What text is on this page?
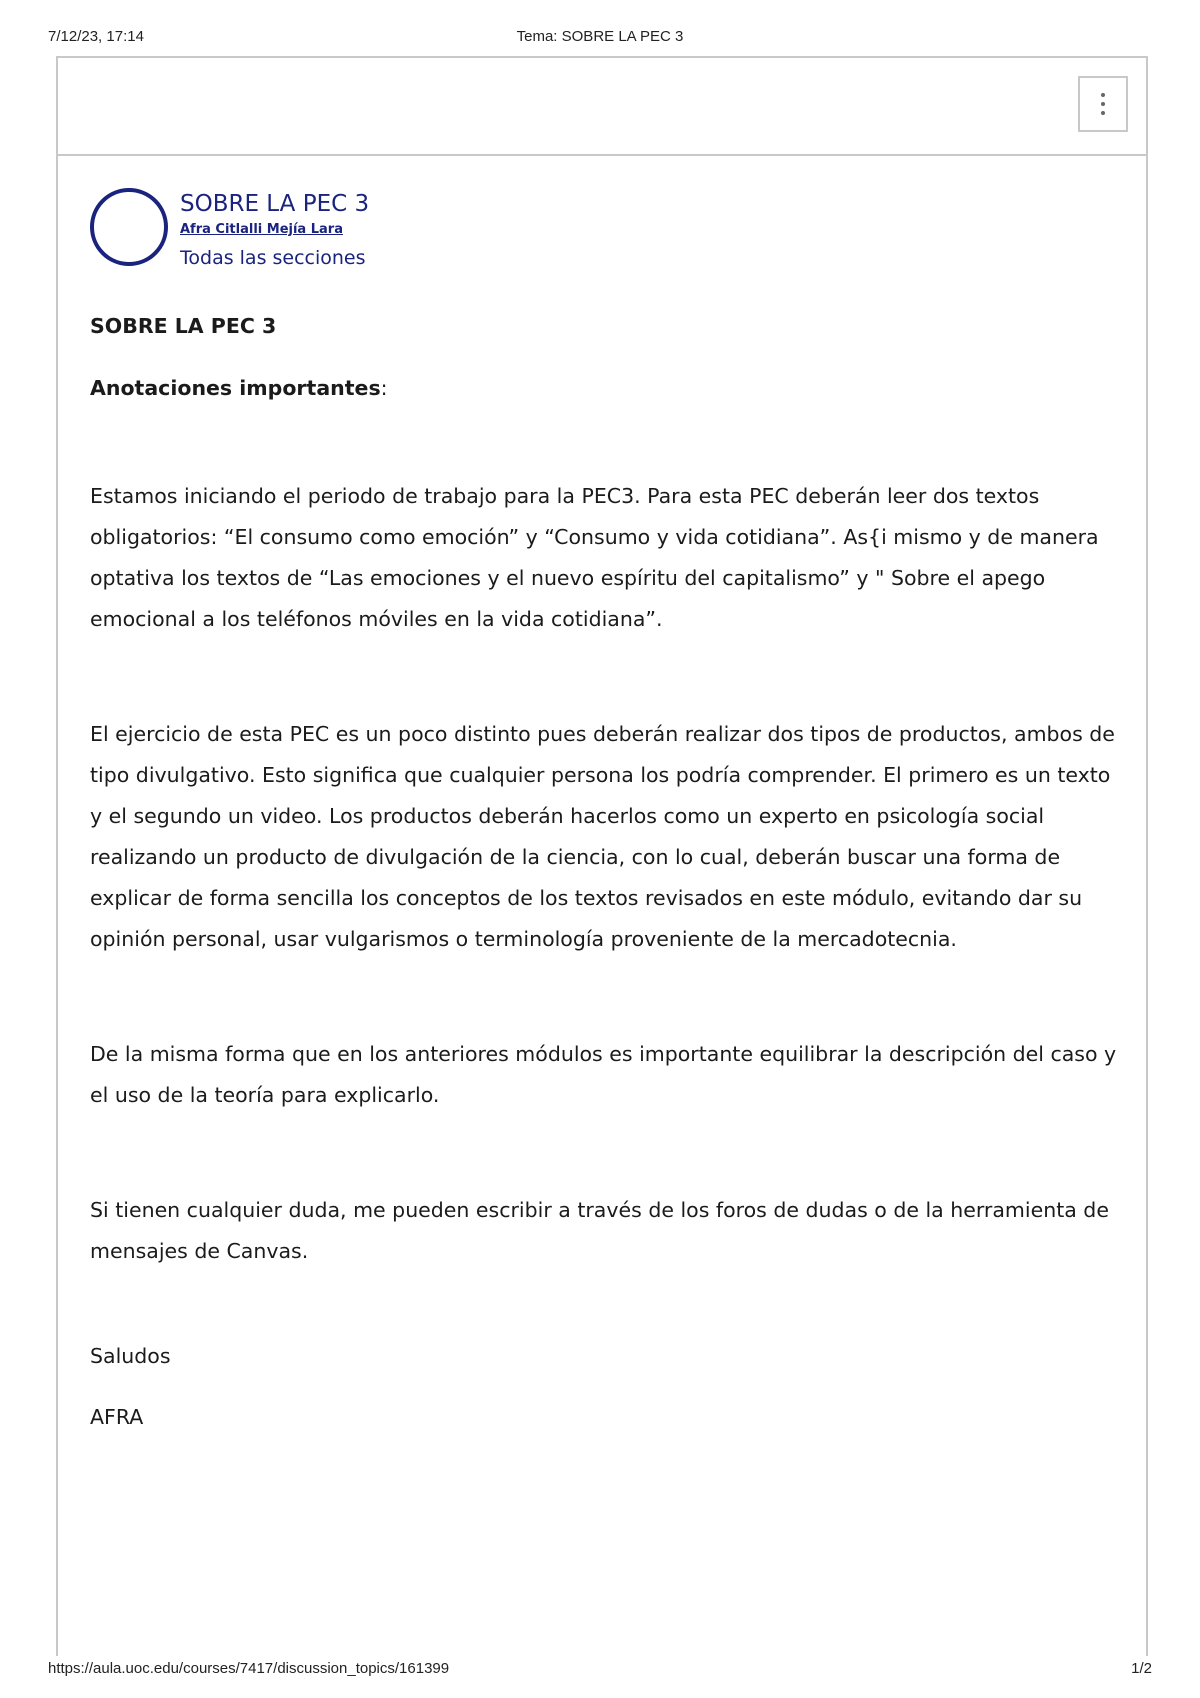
7/12/23, 17:14	Tema: SOBRE LA PEC 3
SOBRE LA PEC 3
Afra Citlalli Mejía Lara
Todas las secciones

SOBRE LA PEC 3

Anotaciones importantes:

Estamos iniciando el periodo de trabajo para la PEC3. Para esta PEC deberán leer dos textos obligatorios: “El consumo como emoción” y “Consumo y vida cotidiana”. As{i mismo y de manera optativa los textos de “Las emociones y el nuevo espíritu del capitalismo” y " Sobre el apego emocional a los teléfonos móviles en la vida cotidiana”.

El ejercicio de esta PEC es un poco distinto pues deberán realizar dos tipos de productos, ambos de tipo divulgativo. Esto significa que cualquier persona los podría comprender. El primero es un texto y el segundo un video. Los productos deberán hacerlos como un experto en psicología social realizando un producto de divulgación de la ciencia, con lo cual, deberán buscar una forma de explicar de forma sencilla los conceptos de los textos revisados en este módulo, evitando dar su opinión personal, usar vulgarismos o terminología proveniente de la mercadotecnia.

De la misma forma que en los anteriores módulos es importante equilibrar la descripción del caso y el uso de la teoría para explicarlo.

Si tienen cualquier duda, me pueden escribir a través de los foros de dudas o de la herramienta de mensajes de Canvas.

Saludos

AFRA

https://aula.uoc.edu/courses/7417/discussion_topics/161399	1/2
